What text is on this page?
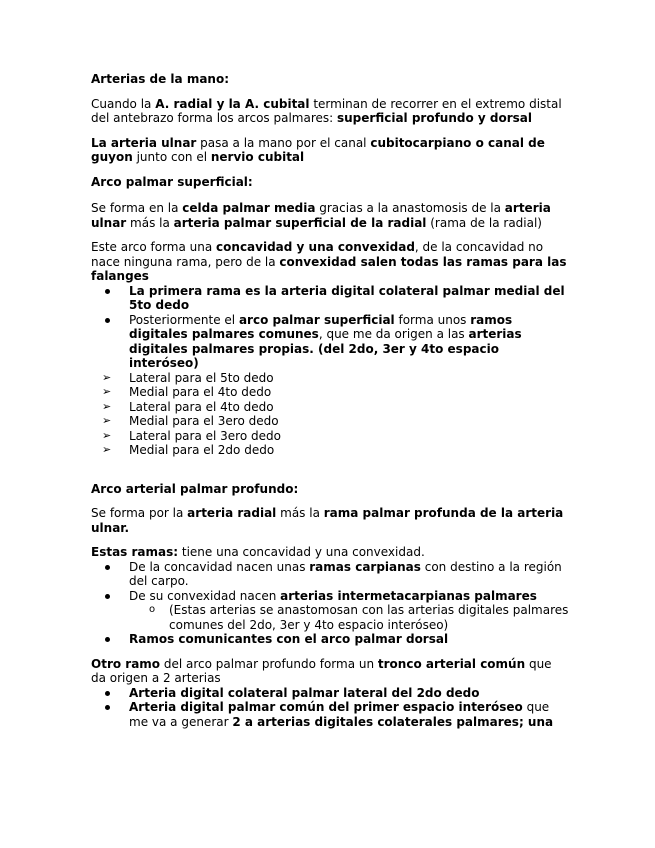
Arterias de la mano:

Cuando la A. radial y la A. cubital terminan de recorrer en el extremo distal del antebrazo forma los arcos palmares: superficial profundo y dorsal

La arteria ulnar pasa a la mano por el canal cubitocarpiano o canal de guyon junto con el nervio cubital

Arco palmar superficial:

Se forma en la celda palmar media gracias a la anastomosis de la arteria ulnar más la arteria palmar superficial de la radial (rama de la radial)

Este arco forma una concavidad y una convexidad, de la concavidad no nace ninguna rama, pero de la convexidad salen todas las ramas para las falanges

La primera rama es la arteria digital colateral palmar medial del 5to dedo
Posteriormente el arco palmar superficial forma unos ramos digitales palmares comunes, que me da origen a las arterias digitales palmares propias. (del 2do, 3er y 4to espacio interóseo)
➢ Lateral para el 5to dedo
➢ Medial para el 4to dedo
➢ Lateral para el 4to dedo
➢ Medial para el 3ero dedo
➢ Lateral para el 3ero dedo
➢ Medial para el 2do dedo

Arco arterial palmar profundo:

Se forma por la arteria radial más la rama palmar profunda de la arteria ulnar.

Estas ramas: tiene una concavidad y una convexidad.

De la concavidad nacen unas ramas carpianas con destino a la región del carpo.
De su convexidad nacen arterias intermetacarpianas palmares
o (Estas arterias se anastomosan con las arterias digitales palmares comunes del 2do, 3er y 4to espacio interóseo)
Ramos comunicantes con el arco palmar dorsal

Otro ramo del arco palmar profundo forma un tronco arterial común que da origen a 2 arterias

Arteria digital colateral palmar lateral del 2do dedo
Arteria digital palmar común del primer espacio interóseo que me va a generar 2 a arterias digitales colaterales palmares; una
